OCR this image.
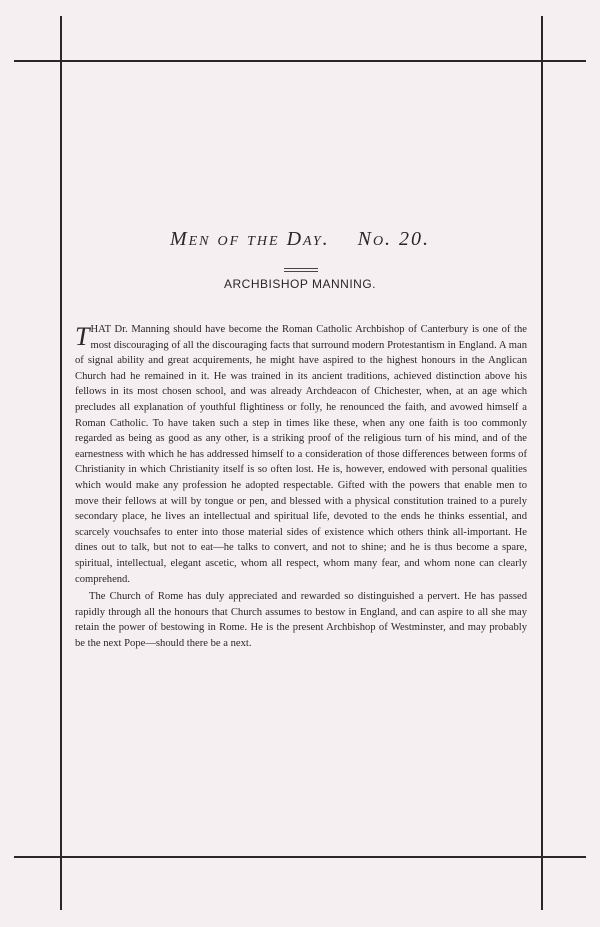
Men of the Day. No. 20.
ARCHBISHOP MANNING.

THAT Dr. Manning should have become the Roman Catholic Archbishop of Canterbury is one of the most discouraging of all the discouraging facts that surround modern Protestantism in England. A man of signal ability and great acquirements, he might have aspired to the highest honours in the Anglican Church had he remained in it. He was trained in its ancient traditions, achieved distinction above his fellows in its most chosen school, and was already Archdeacon of Chichester, when, at an age which precludes all explanation of youthful flightiness or folly, he renounced the faith, and avowed himself a Roman Catholic. To have taken such a step in times like these, when any one faith is too commonly regarded as being as good as any other, is a striking proof of the religious turn of his mind, and of the earnestness with which he has addressed himself to a consideration of those differences between forms of Christianity in which Christianity itself is so often lost. He is, however, endowed with personal qualities which would make any profession he adopted respectable. Gifted with the powers that enable men to move their fellows at will by tongue or pen, and blessed with a physical constitution trained to a purely secondary place, he lives an intellectual and spiritual life, devoted to the ends he thinks essential, and scarcely vouchsafes to enter into those material sides of existence which others think all-important. He dines out to talk, but not to eat—he talks to convert, and not to shine; and he is thus become a spare, spiritual, intellectual, elegant ascetic, whom all respect, whom many fear, and whom none can clearly comprehend.

The Church of Rome has duly appreciated and rewarded so distinguished a pervert. He has passed rapidly through all the honours that Church assumes to bestow in England, and can aspire to all she may retain the power of bestowing in Rome. He is the present Archbishop of Westminster, and may probably be the next Pope—should there be a next.
